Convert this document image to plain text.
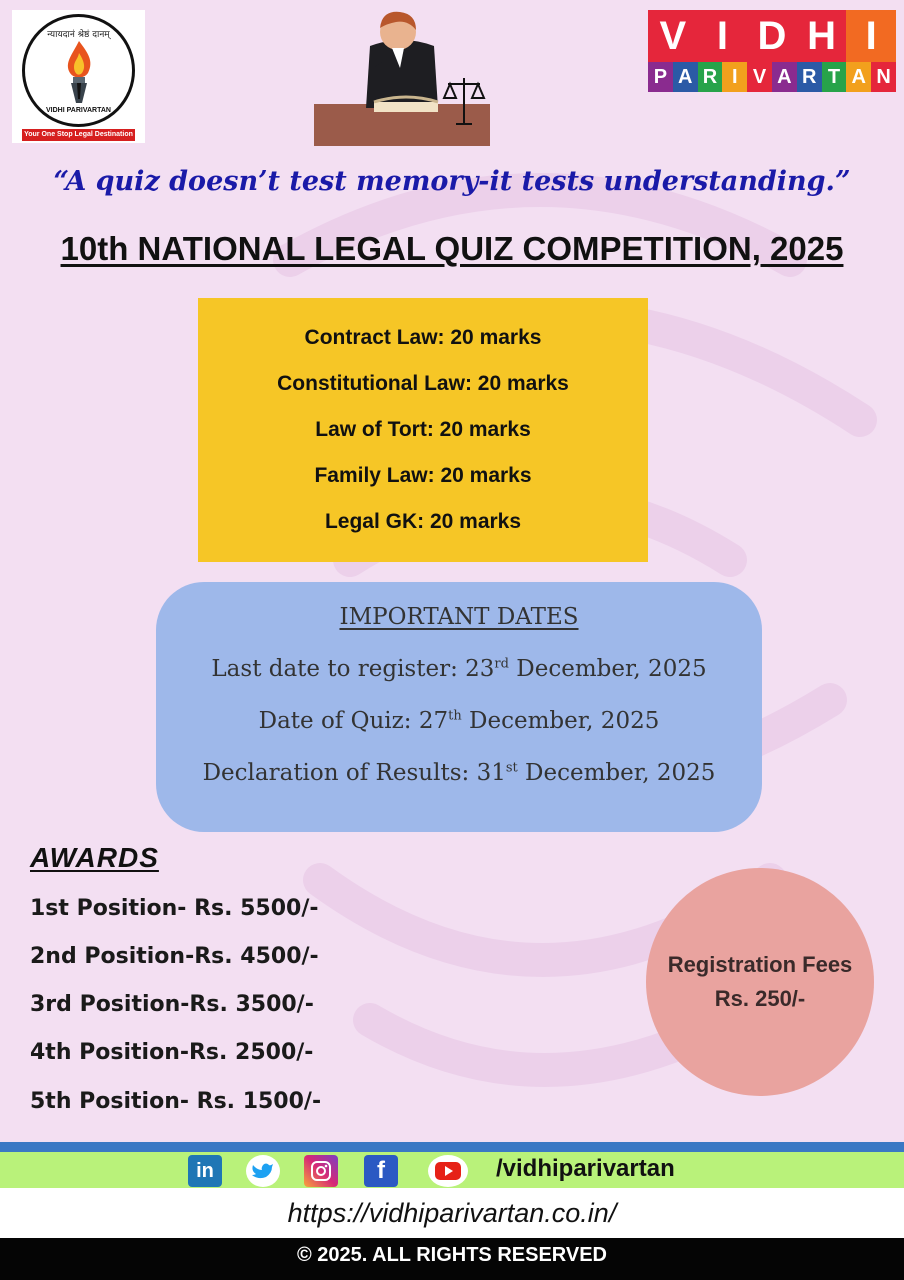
न्यायदानं श्रेष्ठं दानम्
VIDHI PARIVARTAN
Your One Stop Legal Destination
V I D H I
P A R I V A R T A N
“A quiz doesn’t test memory-it tests understanding.”
10th NATIONAL LEGAL QUIZ COMPETITION, 2025
Contract Law: 20 marks
Constitutional Law: 20 marks
Law of Tort: 20 marks
Family Law: 20 marks
Legal GK: 20 marks
IMPORTANT DATES
Last date to register: 23rd December, 2025
Date of Quiz: 27th December, 2025
Declaration of Results: 31st December, 2025
AWARDS
1st Position- Rs. 5500/-
2nd Position-Rs. 4500/-
3rd Position-Rs. 3500/-
4th Position-Rs. 2500/-
5th Position- Rs. 1500/-
Registration Fees
Rs. 250/-
in	f	/vidhiparivartan
https://vidhiparivartan.co.in/
© 2025. ALL RIGHTS RESERVED
